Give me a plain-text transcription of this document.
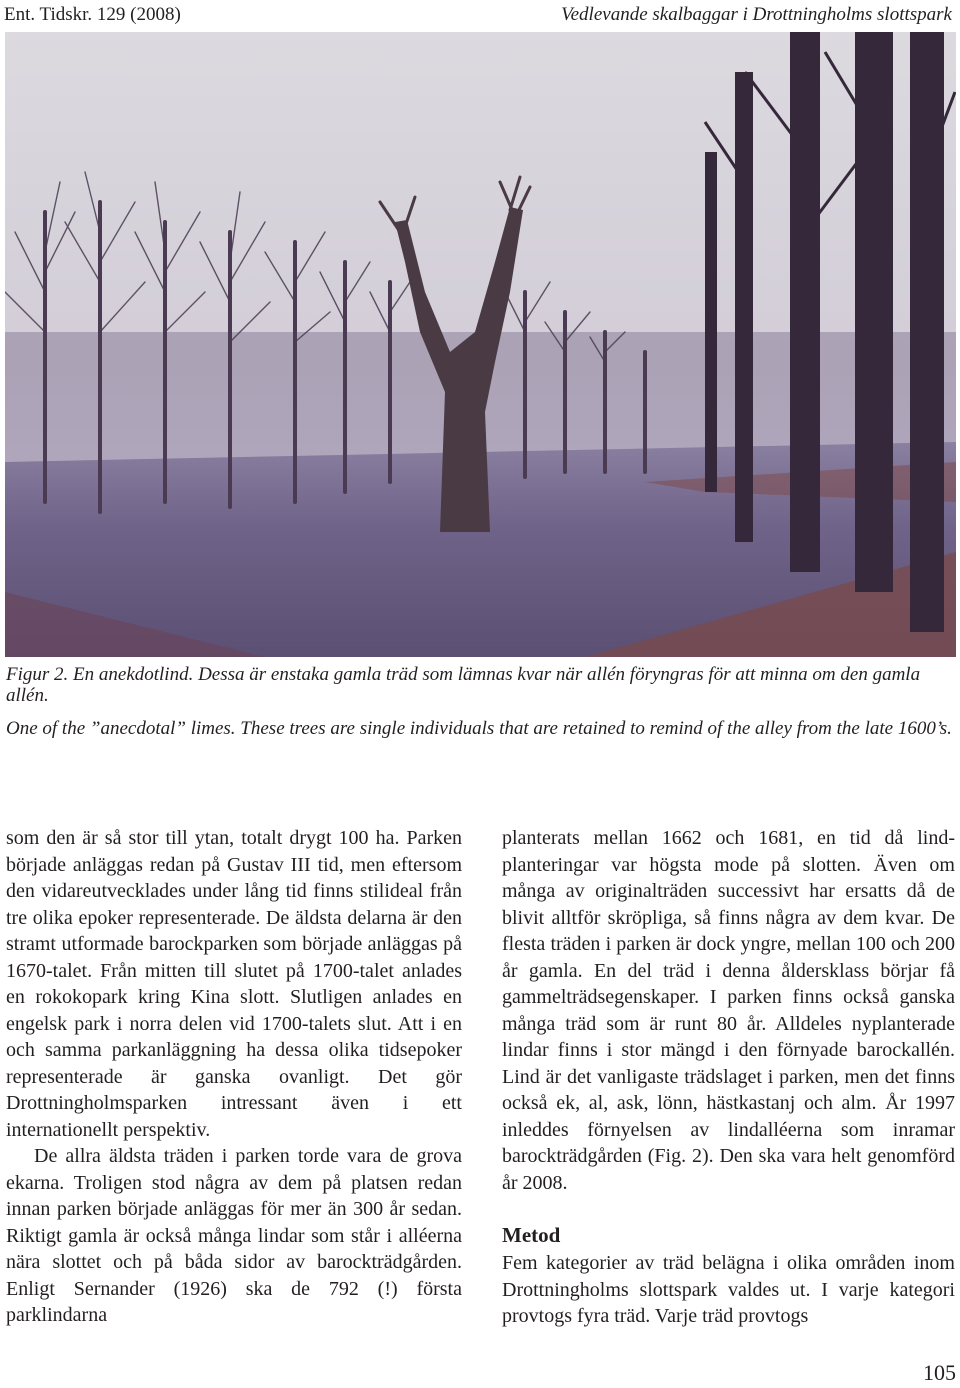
Ent. Tidskr. 129 (2008)	Vedlevande skalbaggar i Drottningholms slottspark

Figur 2. En anekdotlind. Dessa är enstaka gamla träd som lämnas kvar när allén föryngras för att minna om den gamla allén.

One of the ”anecdotal” limes. These trees are single individuals that are retained to remind of the alley from the late 1600’s.

som den är så stor till ytan, totalt drygt 100 ha. Parken började anläggas redan på Gustav III tid, men eftersom den vidareutvecklades under lång tid finns stilideal från tre olika epoker representerade. De äldsta delarna är den stramt utformade barockparken som började anläggas på 1670-talet. Från mitten till slutet på 1700-talet anlades en rokokopark kring Kina slott. Slutligen anlades en engelsk park i norra delen vid 1700-talets slut. Att i en och samma parkanläggning ha dessa olika tidsepoker representerade är ganska ovanligt. Det gör Drottningholmsparken intressant även i ett internationellt perspektiv.

De allra äldsta träden i parken torde vara de grova ekarna. Troligen stod några av dem på platsen redan innan parken började anläggas för mer än 300 år sedan. Riktigt gamla är också många lindar som står i alléerna nära slottet och på båda sidor av barockträdgården. Enligt Sernander (1926) ska de 792 (!) första parklindarna

planterats mellan 1662 och 1681, en tid då lindplanteringar var högsta mode på slotten. Även om många av originalträden successivt har ersatts då de blivit alltför skröpliga, så finns några av dem kvar. De flesta träden i parken är dock yngre, mellan 100 och 200 år gamla. En del träd i denna åldersklass börjar få gammelträdsegenskaper. I parken finns också ganska många träd som är runt 80 år. Alldeles nyplanterade lindar finns i stor mängd i den förnyade barockallén. Lind är det vanligaste trädslaget i parken, men det finns också ek, al, ask, lönn, hästkastanj och alm. År 1997 inleddes förnyelsen av lindalléerna som inramar barockträdgården (Fig. 2). Den ska vara helt genomförd år 2008.

Metod

Fem kategorier av träd belägna i olika områden inom Drottningholms slottspark valdes ut. I varje kategori provtogs fyra träd. Varje träd provtogs

105
